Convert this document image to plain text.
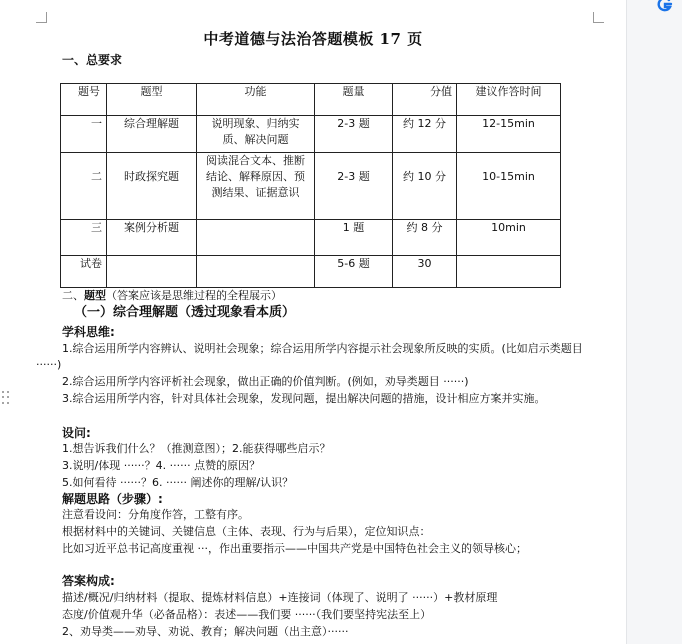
中考道德与法治答题模板 17 页
一、总要求
题号	题型	功能	题量	分值	建议作答时间
一	综合理解题	说明现象、归纳实质、解决问题	2-3 题	约 12 分	12-15min
二	时政探究题	阅读混合文本、推断结论、解释原因、预测结果、证据意识	2-3 题	约 10 分	10-15min
三	案例分析题		1 题	约 8 分	10min
试卷			5-6 题	30	
二、题型（答案应该是思维过程的全程展示）
（一）综合理解题（透过现象看本质）
学科思维:
1.综合运用所学内容辨认、说明社会现象；综合运用所学内容提示社会现象所反映的实质。(比如启示类题目 ······)
2.综合运用所学内容评析社会现象，做出正确的价值判断。(例如，劝导类题目 ······)
3.综合运用所学内容，针对具体社会现象，发现问题，提出解决问题的措施，设计相应方案并实施。
设问:
1.想告诉我们什么？（推测意图）；2.能获得哪些启示？
3.说明/体现 ······？4. ······ 点赞的原因？
5.如何看待 ······？6. ······ 阐述你的理解/认识？
解题思路（步骤）:
注意看设问：分角度作答，工整有序。
根据材料中的关键词、关键信息（主体、表现、行为与后果），定位知识点：
比如习近平总书记高度重视 ···，作出重要指示——中国共产党是中国特色社会主义的领导核心；
答案构成:
描述/概况/归纳材料（提取、提炼材料信息）+连接词（体现了、说明了 ······）+教材原理
态度/价值观升华（必备品格）：表述——我们要 ······（我们要坚持宪法至上）
2、劝导类——劝导、劝说、教育；解决问题（出主意）······
